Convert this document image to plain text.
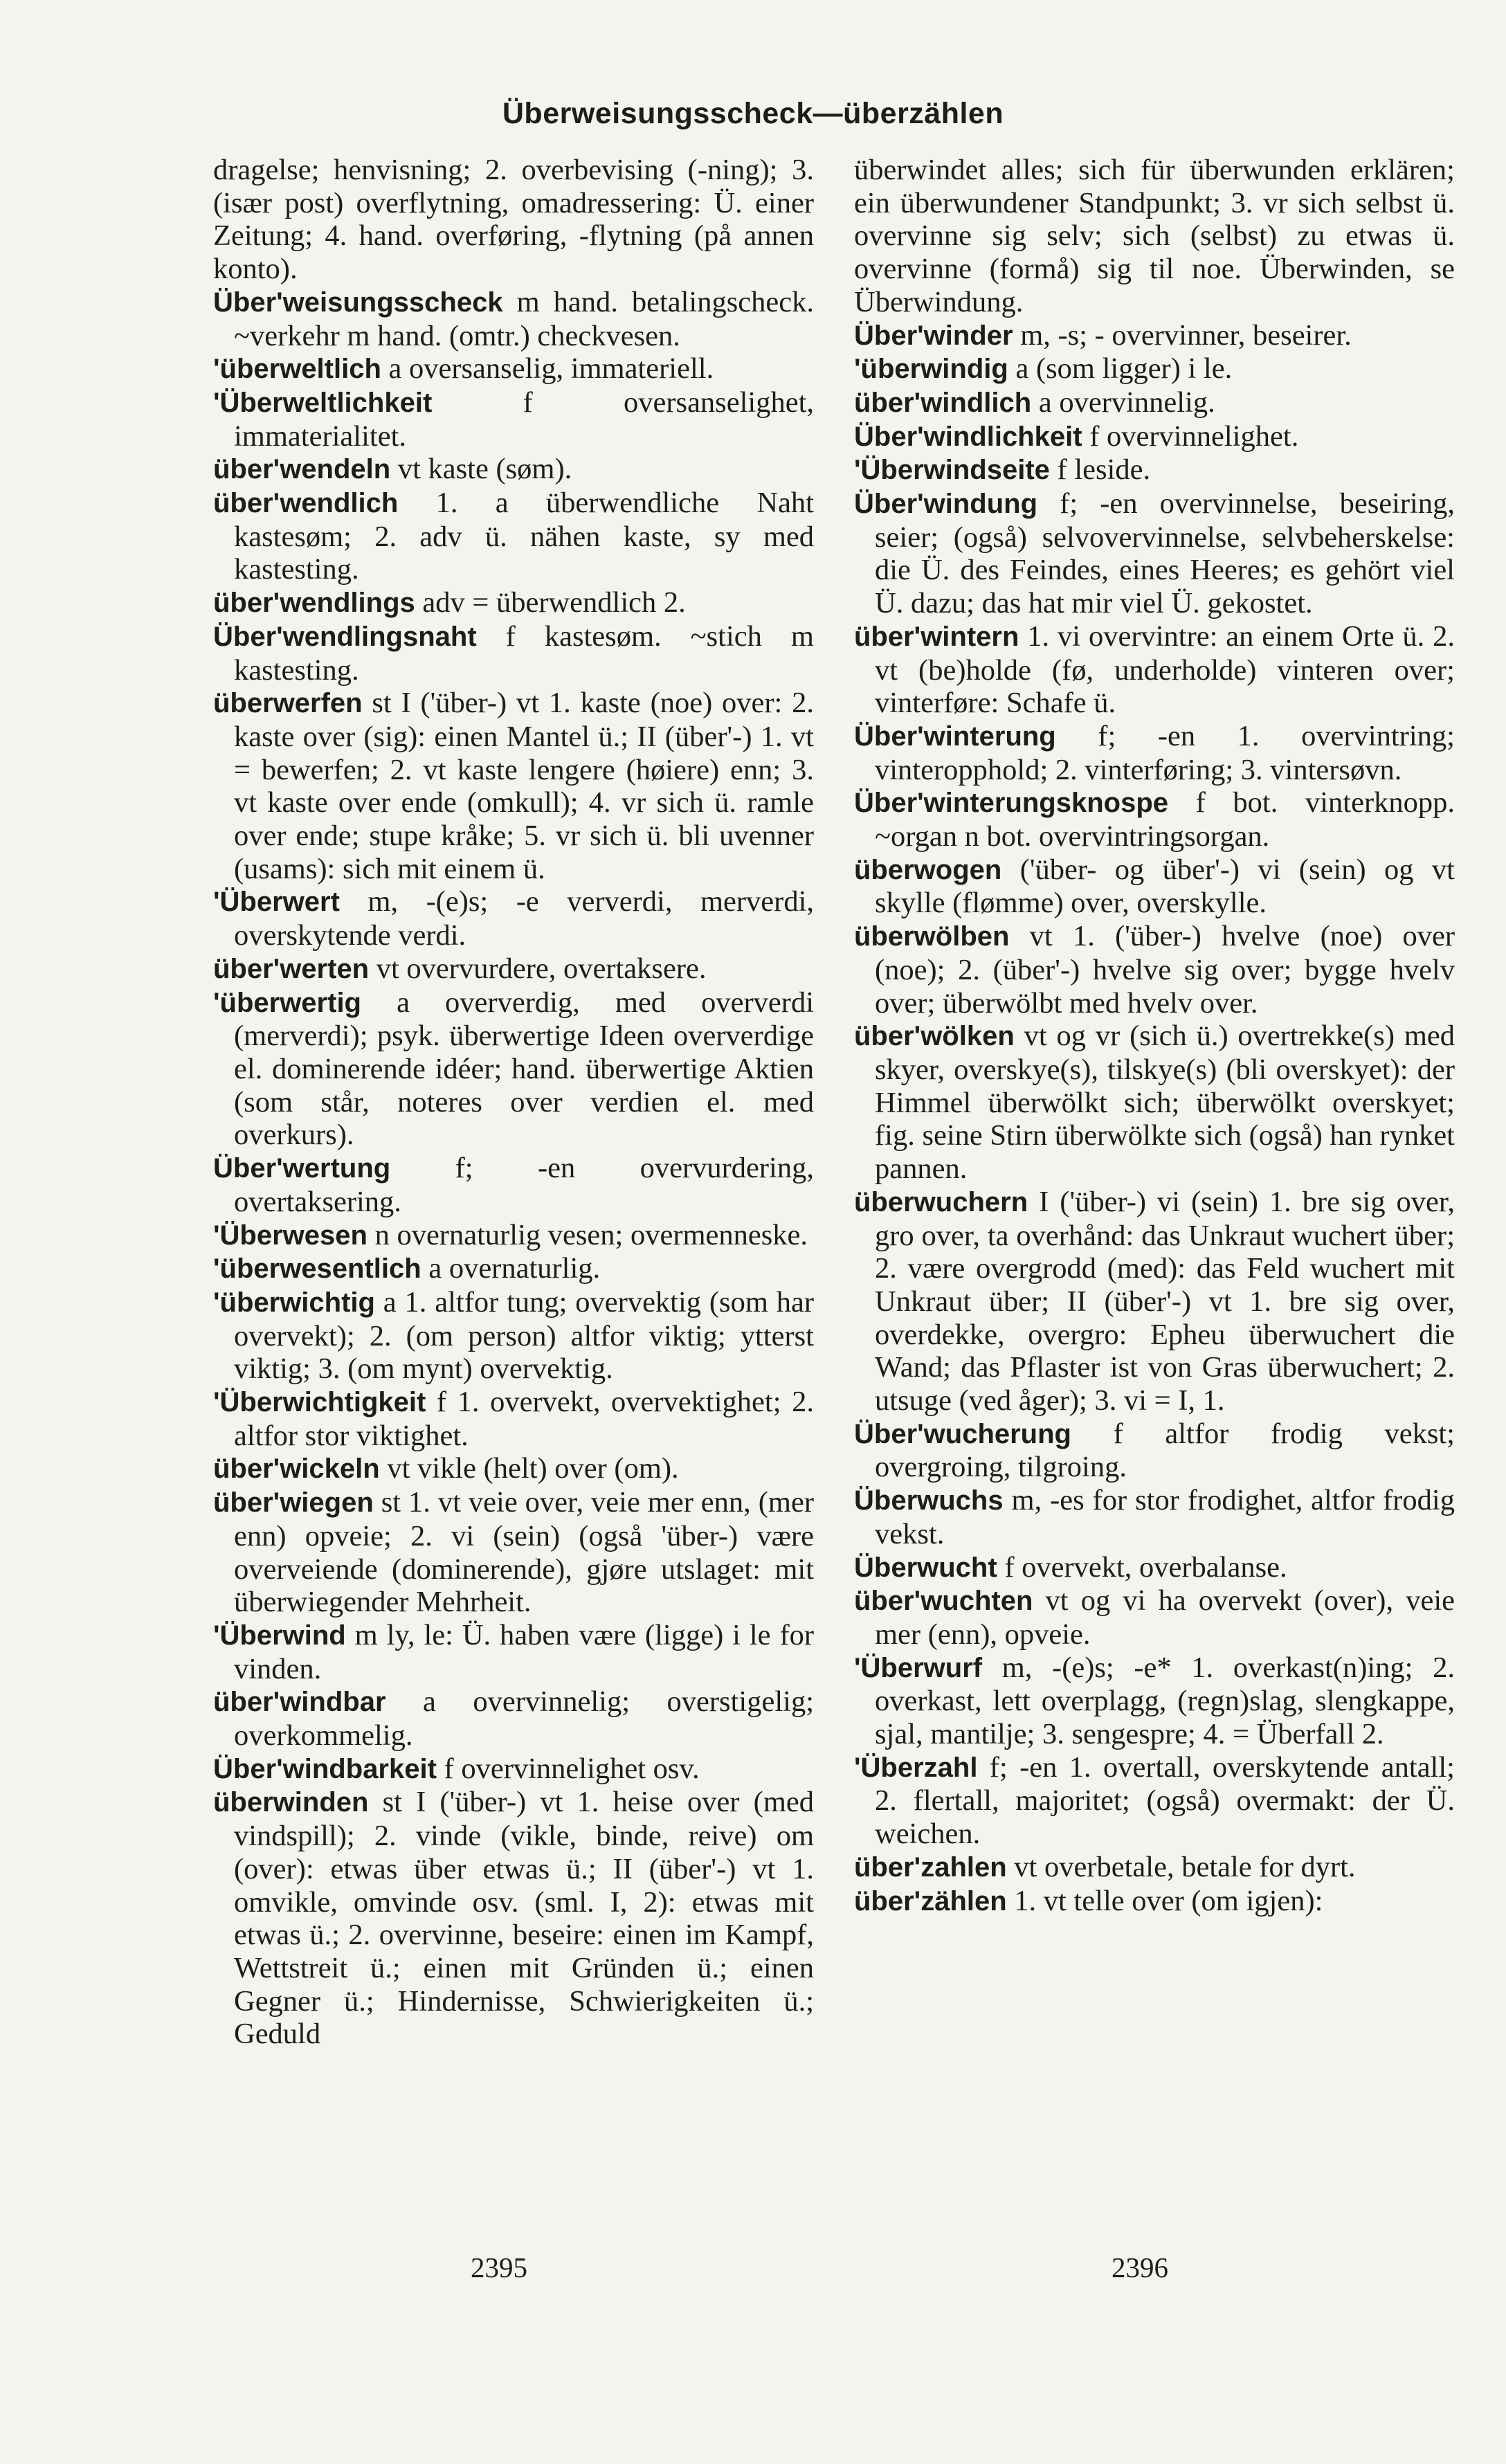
Überweisungsscheck—überzählen

dragelse; henvisning; 2. overbevising (-ning); 3. (især post) overflytning, omadressering: Ü. einer Zeitung; 4. hand. overføring, -flytning (på annen konto).

Über'weisungsscheck m hand. betalingscheck. ~verkehr m hand. (omtr.) checkvesen.

'überweltlich a oversanselig, immateriell.

'Überweltlichkeit f oversanselighet, immaterialitet.

über'wendeln vt kaste (søm).

über'wendlich 1. a überwendliche Naht kastesøm; 2. adv ü. nähen kaste, sy med kastesting.

über'wendlings adv = überwendlich 2.

Über'wendlingsnaht f kastesøm. ~stich m kastesting.

überwerfen st I ('über-) vt 1. kaste (noe) over: 2. kaste over (sig): einen Mantel ü.; II (über'-) 1. vt = bewerfen; 2. vt kaste lengere (høiere) enn; 3. vt kaste over ende (omkull); 4. vr sich ü. ramle over ende; stupe kråke; 5. vr sich ü. bli uvenner (usams): sich mit einem ü.

'Überwert m, -(e)s; -e ververdi, merverdi, overskytende verdi.

über'werten vt overvurdere, overtaksere.

'überwertig a oververdig, med oververdi (merverdi); psyk. überwertige Ideen oververdige el. dominerende idéer; hand. überwertige Aktien (som står, noteres over verdien el. med overkurs).

Über'wertung f; -en overvurdering, overtaksering.

'Überwesen n overnaturlig vesen; overmenneske.

'überwesentlich a overnaturlig.

'überwichtig a 1. altfor tung; overvektig (som har overvekt); 2. (om person) altfor viktig; ytterst viktig; 3. (om mynt) overvektig.

'Überwichtigkeit f 1. overvekt, overvektighet; 2. altfor stor viktighet.

über'wickeln vt vikle (helt) over (om).

über'wiegen st 1. vt veie over, veie mer enn, (mer enn) opveie; 2. vi (sein) (også 'über-) være overveiende (dominerende), gjøre utslaget: mit überwiegender Mehrheit.

'Überwind m ly, le: Ü. haben være (ligge) i le for vinden.

über'windbar a overvinnelig; overstigelig; overkommelig.

Über'windbarkeit f overvinnelighet osv.

überwinden st I ('über-) vt 1. heise over (med vindspill); 2. vinde (vikle, binde, reive) om (over): etwas über etwas ü.; II (über'-) vt 1. omvikle, omvinde osv. (sml. I, 2): etwas mit etwas ü.; 2. overvinne, beseire: einen im Kampf, Wettstreit ü.; einen mit Gründen ü.; einen Gegner ü.; Hindernisse, Schwierigkeiten ü.; Geduld

überwindet alles; sich für überwunden erklären; ein überwundener Standpunkt; 3. vr sich selbst ü. overvinne sig selv; sich (selbst) zu etwas ü. overvinne (formå) sig til noe. Überwinden, se Überwindung.

Über'winder m, -s; - overvinner, beseirer.

'überwindig a (som ligger) i le.

über'windlich a overvinnelig.

Über'windlichkeit f overvinnelighet.

'Überwindseite f leside.

Über'windung f; -en overvinnelse, beseiring, seier; (også) selvovervinnelse, selvbeherskelse: die Ü. des Feindes, eines Heeres; es gehört viel Ü. dazu; das hat mir viel Ü. gekostet.

über'wintern 1. vi overvintre: an einem Orte ü. 2. vt (be)holde (fø, underholde) vinteren over; vinterføre: Schafe ü.

Über'winterung f; -en 1. overvintring; vinteropphold; 2. vinterføring; 3. vintersøvn.

Über'winterungsknospe f bot. vinterknopp. ~organ n bot. overvintringsorgan.

überwogen ('über- og über'-) vi (sein) og vt skylle (flømme) over, overskylle.

überwölben vt 1. ('über-) hvelve (noe) over (noe); 2. (über'-) hvelve sig over; bygge hvelv over; überwölbt med hvelv over.

über'wölken vt og vr (sich ü.) overtrekke(s) med skyer, overskye(s), tilskye(s) (bli overskyet): der Himmel überwölkt sich; überwölkt overskyet; fig. seine Stirn überwölkte sich (også) han rynket pannen.

überwuchern I ('über-) vi (sein) 1. bre sig over, gro over, ta overhånd: das Unkraut wuchert über; 2. være overgrodd (med): das Feld wuchert mit Unkraut über; II (über'-) vt 1. bre sig over, overdekke, overgro: Epheu überwuchert die Wand; das Pflaster ist von Gras überwuchert; 2. utsuge (ved åger); 3. vi = I, 1.

Über'wucherung f altfor frodig vekst; overgroing, tilgroing.

Überwuchs m, -es for stor frodighet, altfor frodig vekst.

Überwucht f overvekt, overbalanse.

über'wuchten vt og vi ha overvekt (over), veie mer (enn), opveie.

'Überwurf m, -(e)s; -e* 1. overkast(n)ing; 2. overkast, lett overplagg, (regn)slag, slengkappe, sjal, mantilje; 3. sengespre; 4. = Überfall 2.

'Überzahl f; -en 1. overtall, overskytende antall; 2. flertall, majoritet; (også) overmakt: der Ü. weichen.

über'zahlen vt overbetale, betale for dyrt.

über'zählen 1. vt telle over (om igjen):

2395	2396
